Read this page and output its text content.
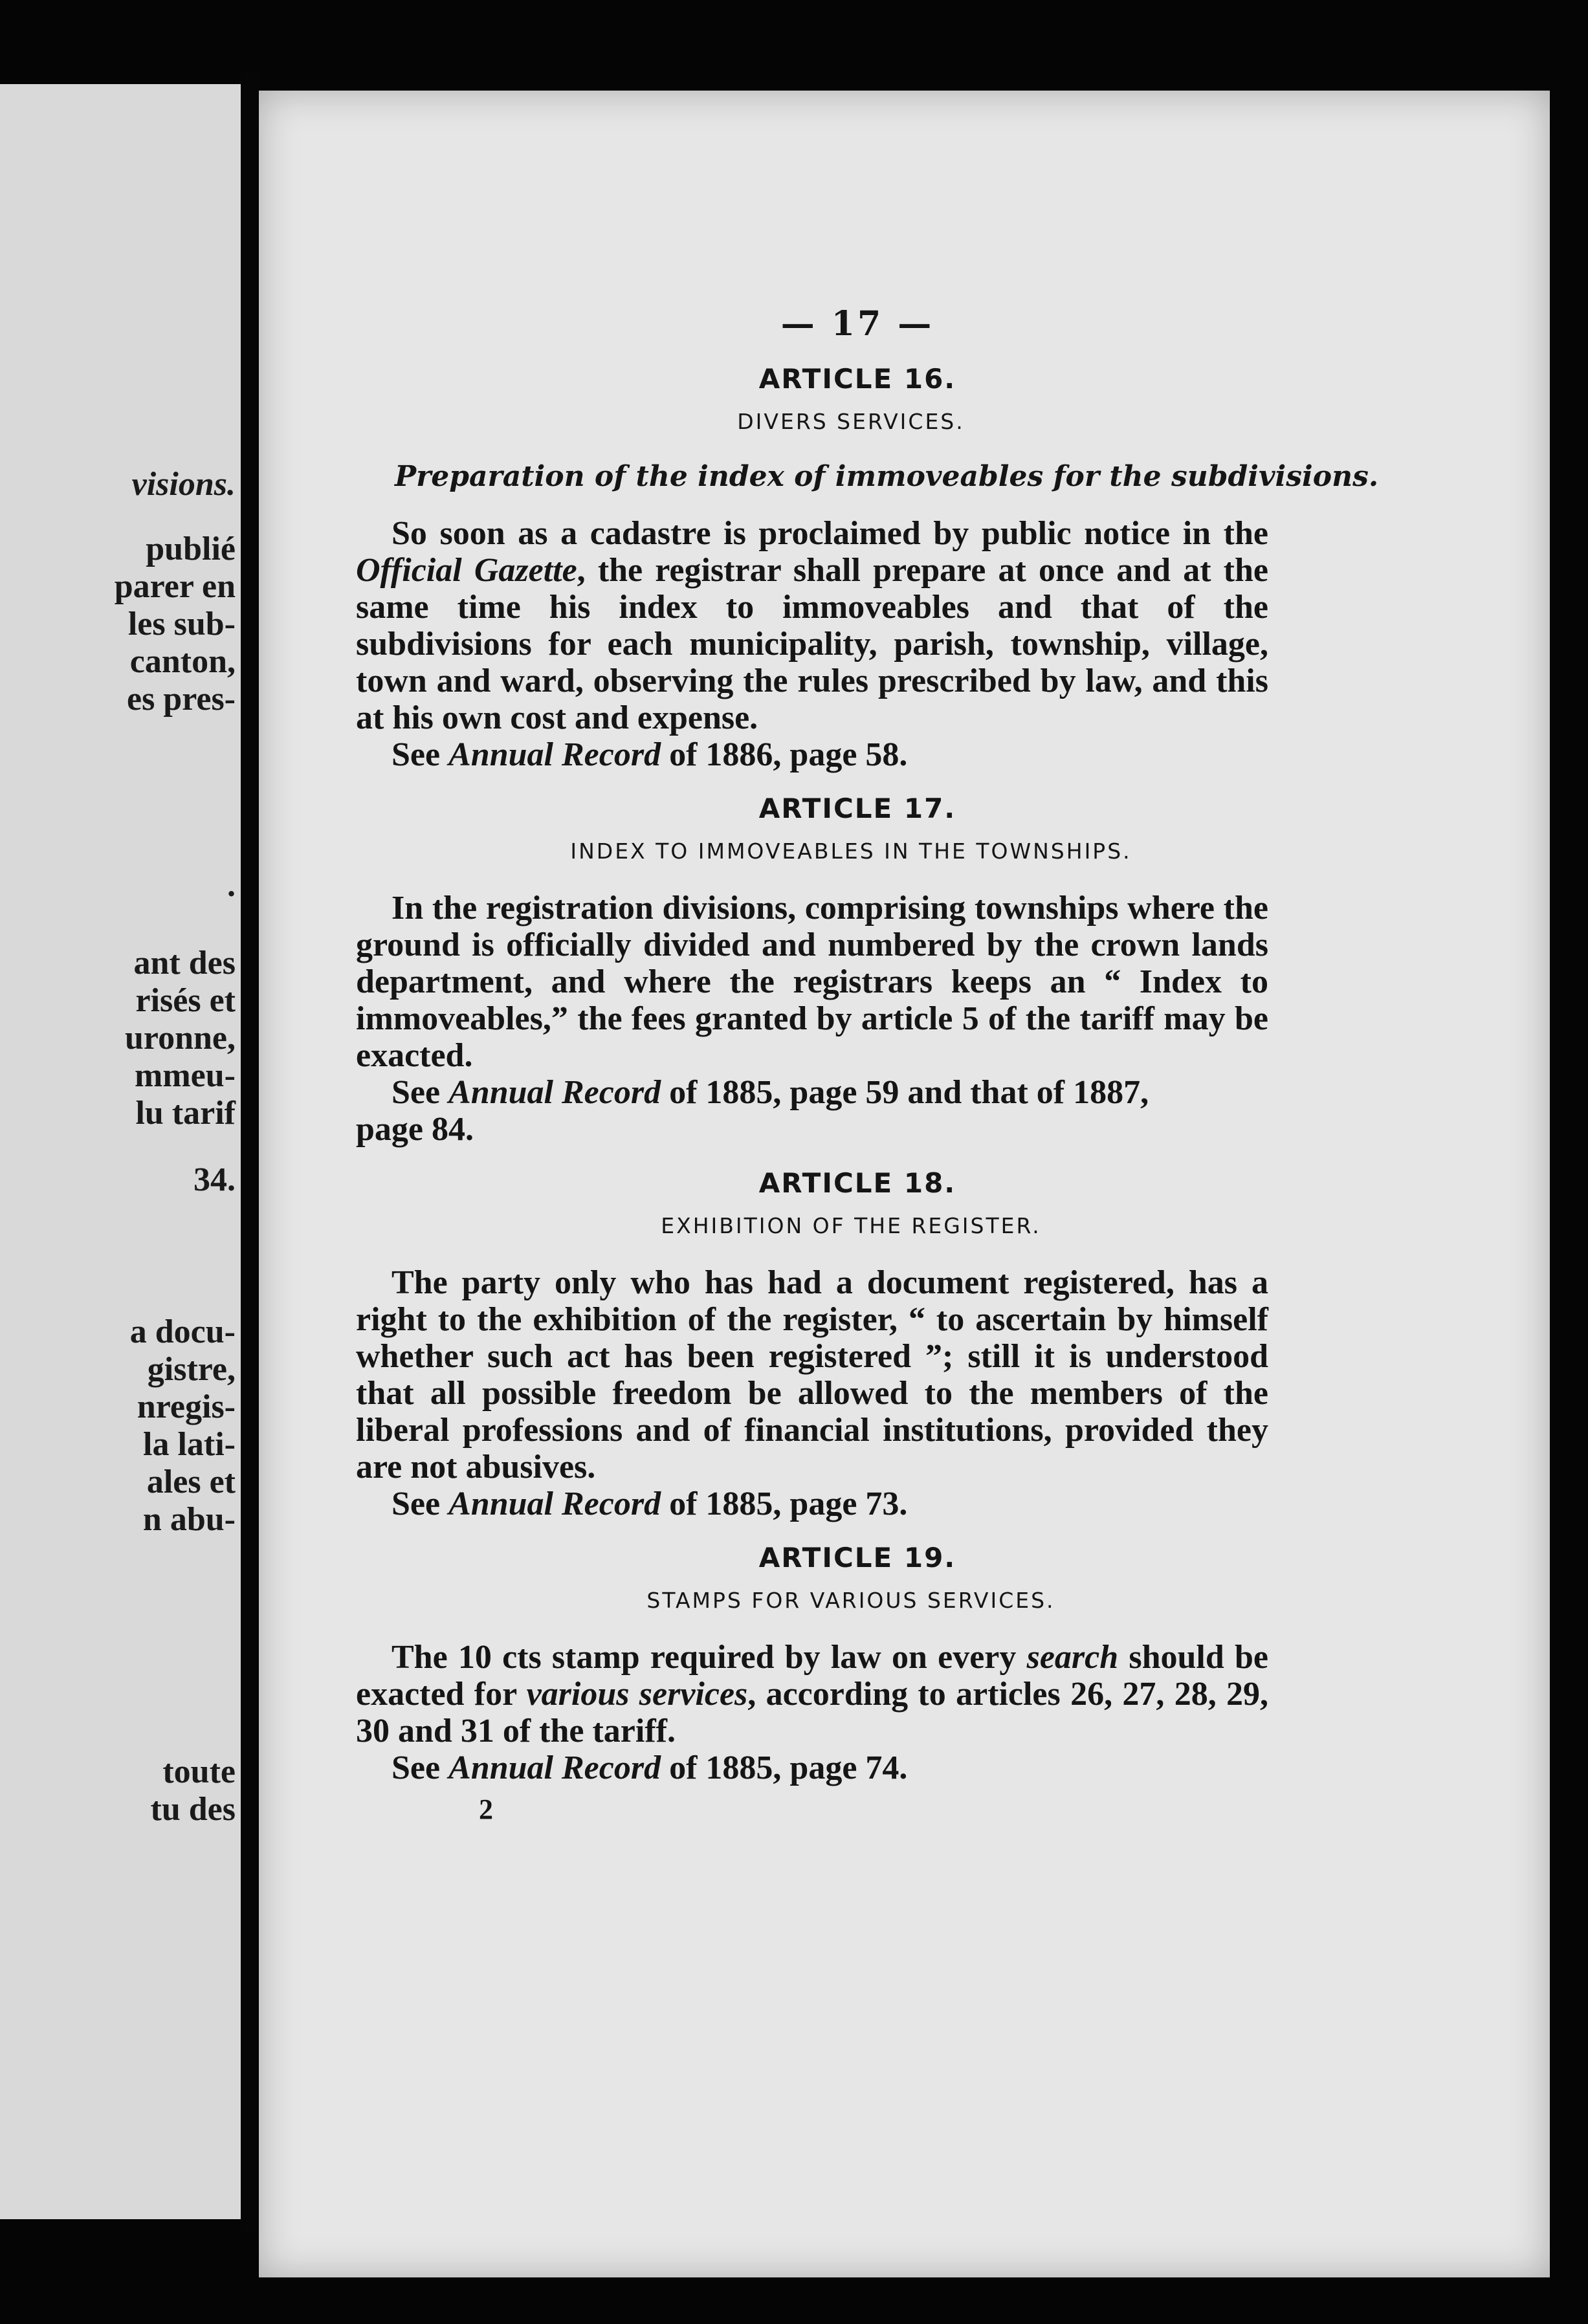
visions.
publié
parer en
les sub-
canton,
es pres-
.
ant des
risés et
uronne,
mmeu-
lu tarif
34.
a docu-
gistre,
nregis-
la lati-
ales et
n abu-
toute
tu des
— 17 —
ARTICLE 16.
DIVERS SERVICES.
Preparation of the index of immoveables for the subdivisions.

So soon as a cadastre is proclaimed by public notice in the Official Gazette, the registrar shall prepare at once and at the same time his index to immoveables and that of the subdivisions for each municipality, parish, township, village, town and ward, observing the rules prescribed by law, and this at his own cost and expense.

See Annual Record of 1886, page 58.
ARTICLE 17.
INDEX TO IMMOVEABLES IN THE TOWNSHIPS.

In the registration divisions, comprising townships where the ground is officially divided and numbered by the crown lands department, and where the registrars keeps an “ Index to immoveables,” the fees granted by article 5 of the tariff may be exacted.

See Annual Record of 1885, page 59 and that of 1887,
page 84.
ARTICLE 18.
EXHIBITION OF THE REGISTER.

The party only who has had a document registered, has a right to the exhibition of the register, “ to ascertain by himself whether such act has been registered ”; still it is understood that all possible freedom be allowed to the members of the liberal professions and of financial institutions, provided they are not abusives.

See Annual Record of 1885, page 73.
ARTICLE 19.
STAMPS FOR VARIOUS SERVICES.

The 10 cts stamp required by law on every search should be exacted for various services, according to articles 26, 27, 28, 29, 30 and 31 of the tariff.

See Annual Record of 1885, page 74.
2
